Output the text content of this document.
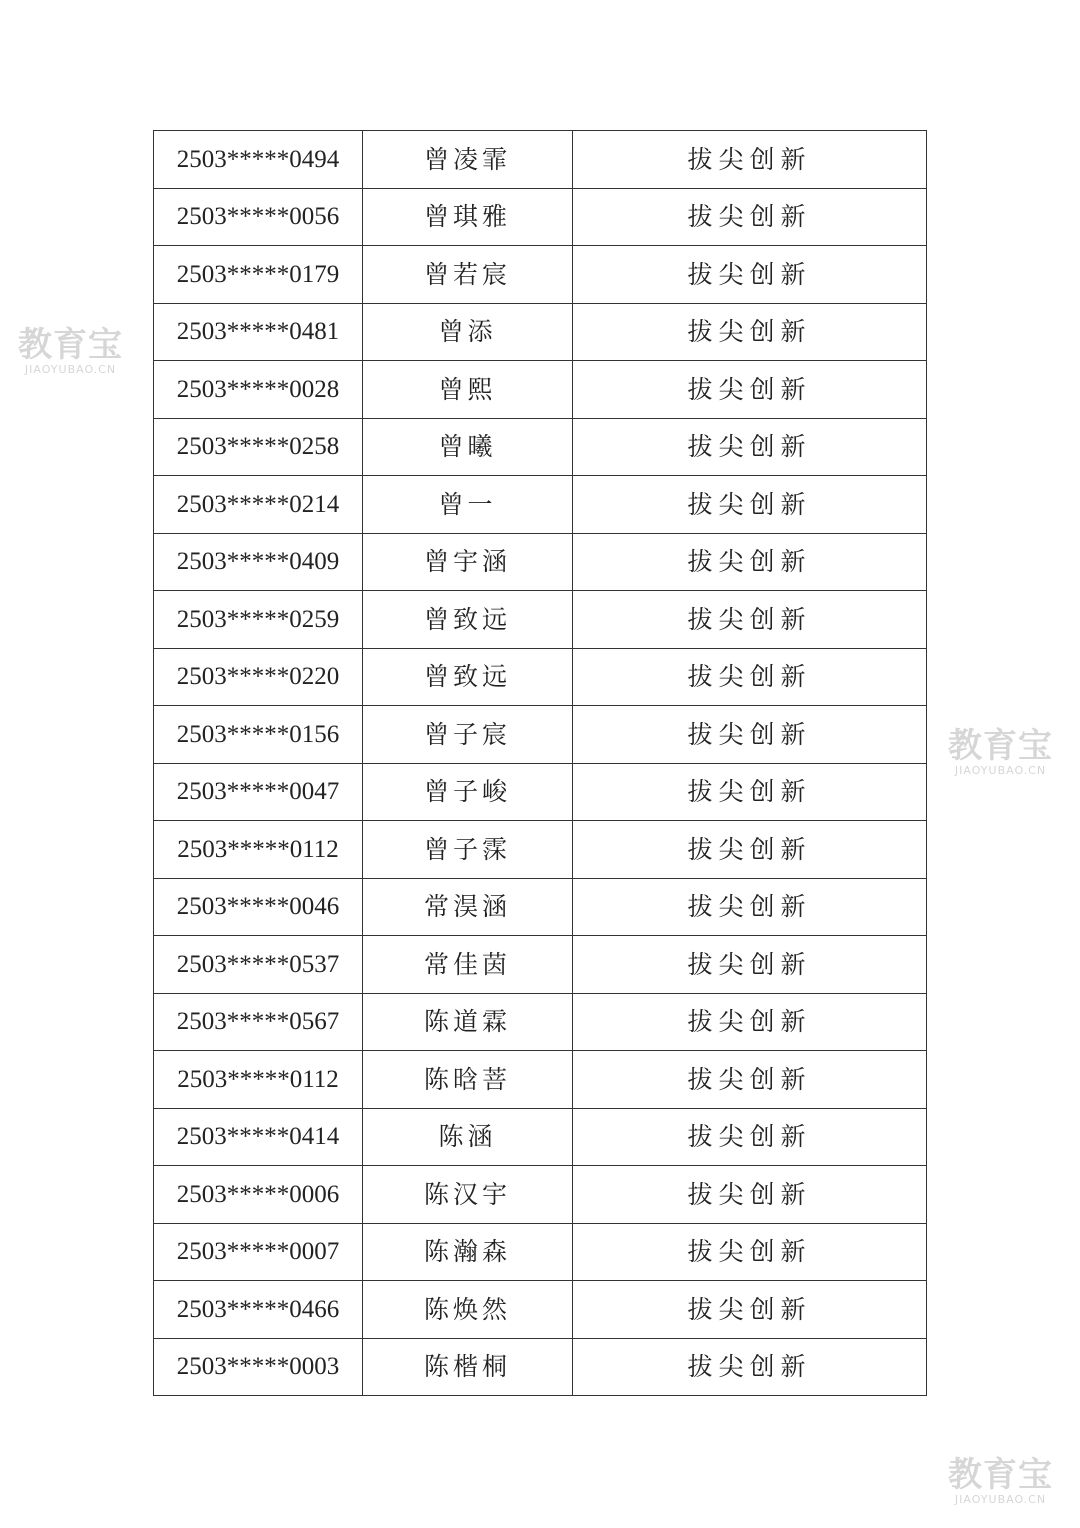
2503*****0494	曾凌霏	拔尖创新
2503*****0056	曾琪雅	拔尖创新
2503*****0179	曾若宸	拔尖创新
2503*****0481	曾添	拔尖创新
2503*****0028	曾熙	拔尖创新
2503*****0258	曾曦	拔尖创新
2503*****0214	曾一	拔尖创新
2503*****0409	曾宇涵	拔尖创新
2503*****0259	曾致远	拔尖创新
2503*****0220	曾致远	拔尖创新
2503*****0156	曾子宸	拔尖创新
2503*****0047	曾子峻	拔尖创新
2503*****0112	曾子霂	拔尖创新
2503*****0046	常淏涵	拔尖创新
2503*****0537	常佳茵	拔尖创新
2503*****0567	陈道霖	拔尖创新
2503*****0112	陈晗菩	拔尖创新
2503*****0414	陈涵	拔尖创新
2503*****0006	陈汉宇	拔尖创新
2503*****0007	陈瀚森	拔尖创新
2503*****0466	陈焕然	拔尖创新
2503*****0003	陈楷桐	拔尖创新
教育宝
JIAOYUBAO.CN
教育宝
JIAOYUBAO.CN
教育宝
JIAOYUBAO.CN
